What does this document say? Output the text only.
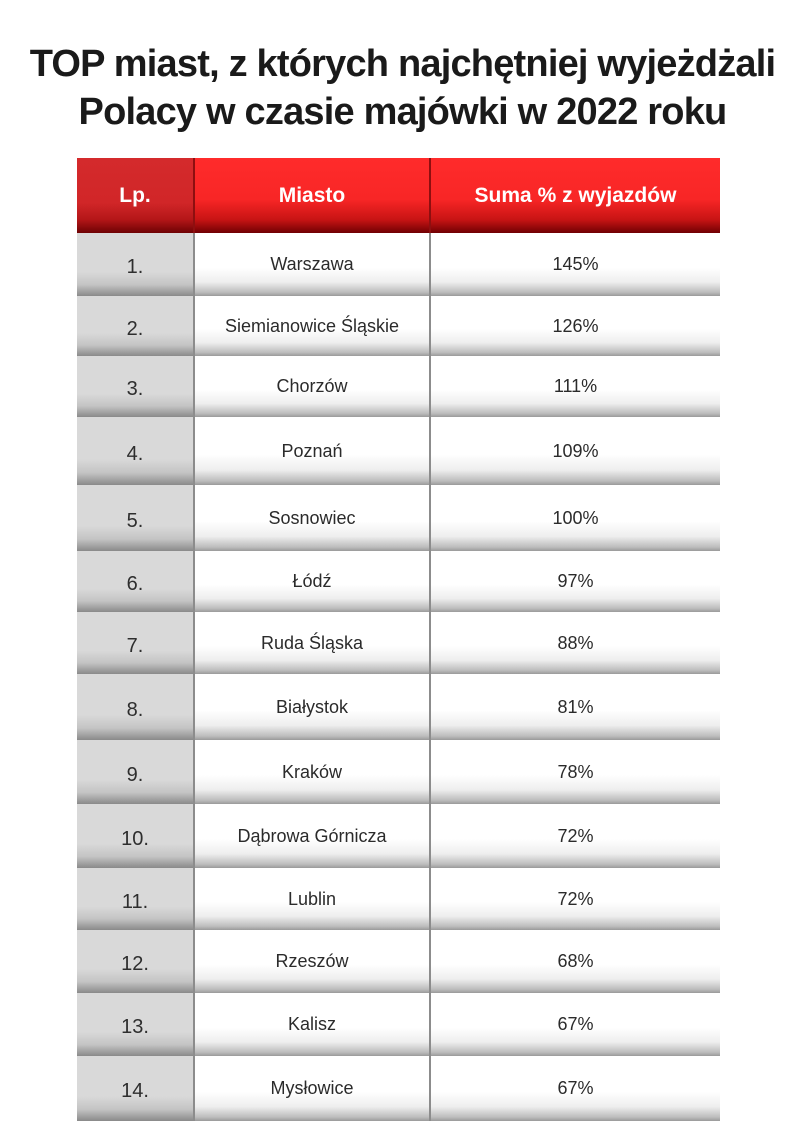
TOP miast, z których najchętniej wyjeżdżali
Polacy w czasie majówki w 2022 roku
Lp.	Miasto	Suma % z wyjazdów
1.	Warszawa	145%
2.	Siemianowice Śląskie	126%
3.	Chorzów	111%
4.	Poznań	109%
5.	Sosnowiec	100%
6.	Łódź	97%
7.	Ruda Śląska	88%
8.	Białystok	81%
9.	Kraków	78%
10.	Dąbrowa Górnicza	72%
11.	Lublin	72%
12.	Rzeszów	68%
13.	Kalisz	67%
14.	Mysłowice	67%
